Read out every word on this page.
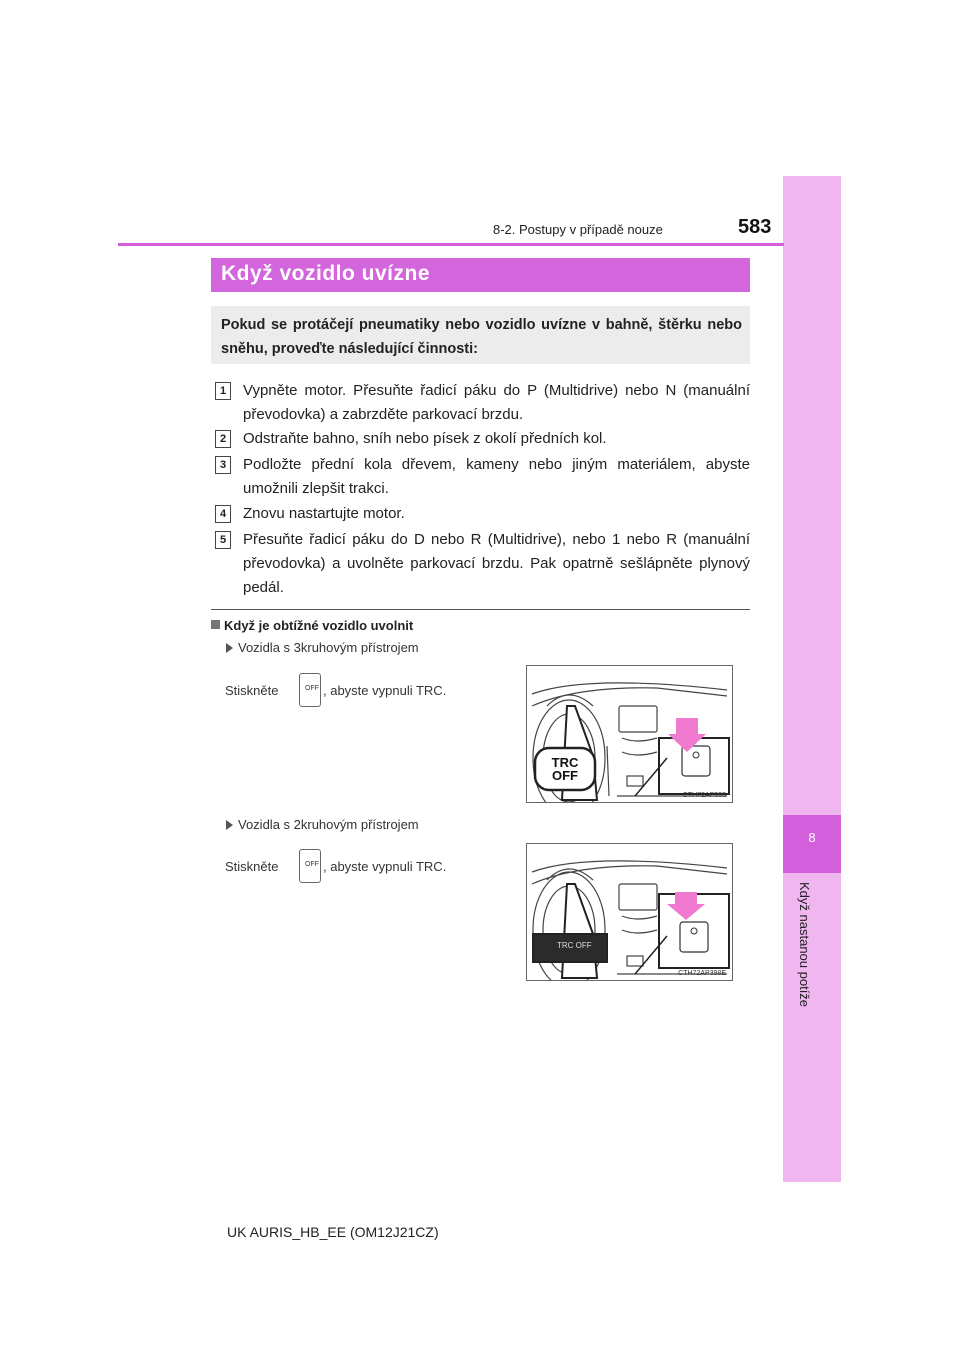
8
Když nastanou potíže
8-2. Postupy v případě nouze	583
Když vozidlo uvízne
Pokud se protáčejí pneumatiky nebo vozidlo uvízne v bahně, štěrku nebo sněhu, proveďte následující činnosti:
1	Vypněte motor. Přesuňte řadicí páku do P (Multidrive) nebo N (manuální převodovka) a zabrzděte parkovací brzdu.
2	Odstraňte bahno, sníh nebo písek z okolí předních kol.
3	Podložte přední kola dřevem, kameny nebo jiným materiálem, abyste umožnili zlepšit trakci.
4	Znovu nastartujte motor.
5	Přesuňte řadicí páku do D nebo R (Multidrive), nebo 1 nebo R (manuální převodovka) a uvolněte parkovací brzdu. Pak opatrně sešlápněte plynový pedál.
Když je obtížné vozidlo uvolnit
Vozidla s 3kruhovým přístrojem
Stiskněte	OFF , abyste vypnuli TRC.
TRC OFF
CTH72AP393
Vozidla s 2kruhovým přístrojem
Stiskněte	OFF , abyste vypnuli TRC.
TRC OFF
CTH72AP398E
UK AURIS_HB_EE (OM12J21CZ)
